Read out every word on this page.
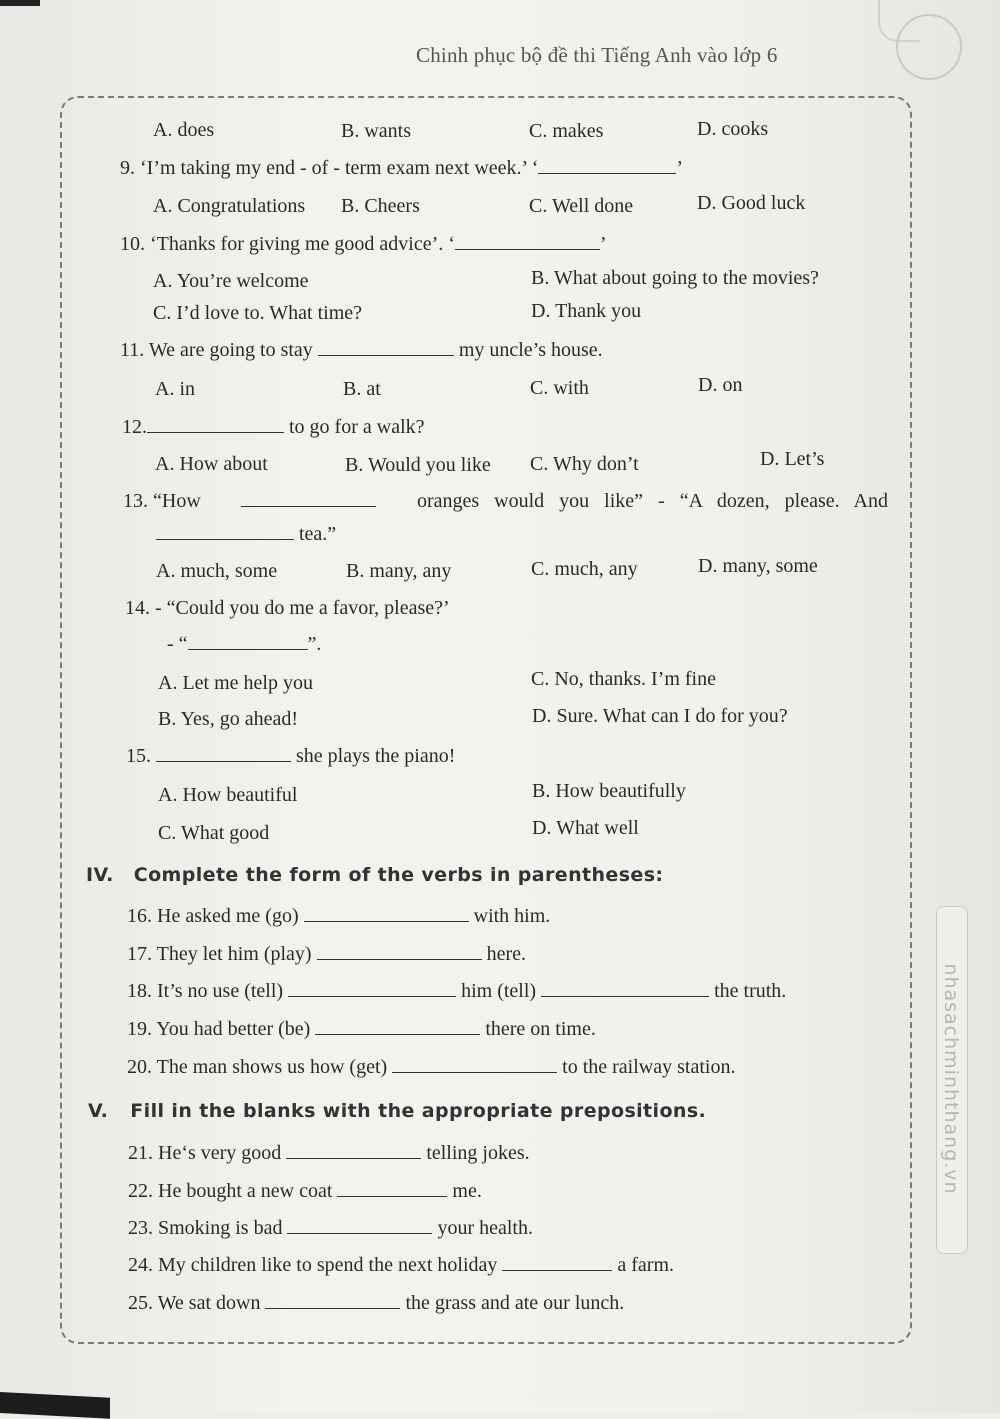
Chinh phục bộ đề thi Tiếng Anh vào lớp 6
nhasachminhthang.vn
A. does	B. wants	C. makes	D. cooks
9. ‘I’m taking my end - of - term exam next week.’ ‘	’
A. Congratulations B. Cheers	C. Well done	D. Good luck
10. ‘Thanks for giving me good advice’. ‘	’
A. You’re welcome	B. What about going to the movies?
C. I’d love to. What time?	D. Thank you
11. We are going to stay	my uncle’s house.
A. in	B. at	C. with	D. on
12.	to go for a walk?
A. How about	B. Would you like C. Why don’t	D. Let’s
13. “How	oranges would you like” - “A dozen, please. And
tea.”
A. much, some	B. many, any	C. much, any	D. many, some
14. - “Could you do me a favor, please?’
- “	”.
A. Let me help you	C. No, thanks. I’m fine
B. Yes, go ahead!	D. Sure. What can I do for you?
15.	she plays the piano!
A. How beautiful	B. How beautifully
C. What good	D. What well
IV. Complete the form of the verbs in parentheses:
16. He asked me (go)	with him.
17. They let him (play)	here.
18. It’s no use (tell)	him (tell)	the truth.
19. You had better (be)	there on time.
20. The man shows us how (get)	to the railway station.
V. Fill in the blanks with the appropriate prepositions.
21. He‘s very good	telling jokes.
22. He bought a new coat	me.
23. Smoking is bad	your health.
24. My children like to spend the next holiday	a farm.
25. We sat down	the grass and ate our lunch.
